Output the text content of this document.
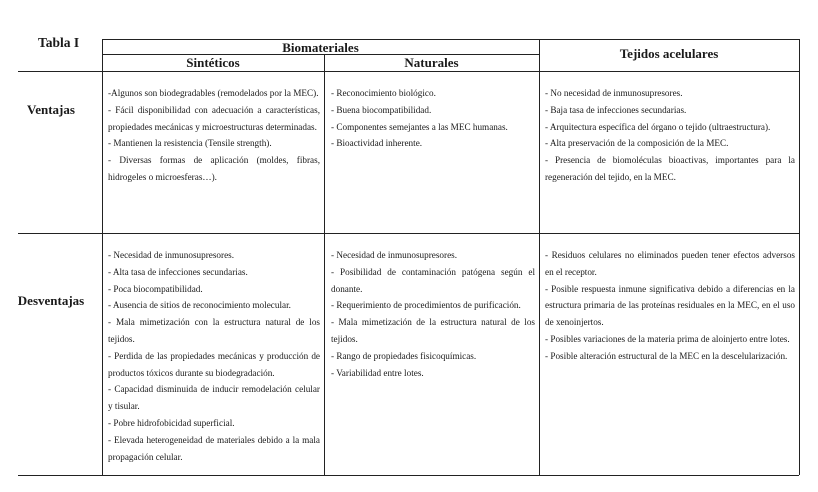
Tabla I	Biomateriales
Sintéticos	Naturales
Tejidos acelulares
Ventajas
Desventajas
-Algunos son biodegradables (remodelados por la MEC).
- Fácil disponibilidad con adecuación a características, propiedades mecánicas y microestructuras determinadas.
- Mantienen la resistencia (Tensile strength).
- Diversas formas de aplicación (moldes, fibras, hidrogeles o microesferas…).
- Reconocimiento biológico.
- Buena biocompatibilidad.
- Componentes semejantes a las MEC humanas.
- Bioactividad inherente.
- No necesidad de inmunosupresores.
- Baja tasa de infecciones secundarias.
- Arquitectura específica del órgano o tejido (ultraestructura).
- Alta preservación de la composición de la MEC.
- Presencia de biomoléculas bioactivas, importantes para la regeneración del tejido, en la MEC.
- Necesidad de inmunosupresores.
- Alta tasa de infecciones secundarias.
- Poca biocompatibilidad.
- Ausencia de sitios de reconocimiento molecular.
- Mala mimetización con la estructura natural de los tejidos.
- Perdida de las propiedades mecánicas y producción de productos tóxicos durante su biodegradación.
- Capacidad disminuida de inducir remodelación celular y tisular.
- Pobre hidrofobicidad superficial.
- Elevada heterogeneidad de materiales debido a la mala propagación celular.
- Necesidad de inmunosupresores.
- Posibilidad de contaminación patógena según el donante.
- Requerimiento de procedimientos de purificación.
- Mala mimetización de la estructura natural de los tejidos.
- Rango de propiedades fisicoquímicas.
- Variabilidad entre lotes.
- Residuos celulares no eliminados pueden tener efectos adversos en el receptor.
- Posible respuesta inmune significativa debido a diferencias en la estructura primaria de las proteínas residuales en la MEC, en el uso de xenoinjertos.
- Posibles variaciones de la materia prima de aloinjerto entre lotes.
- Posible alteración estructural de la MEC en la descelularización.
